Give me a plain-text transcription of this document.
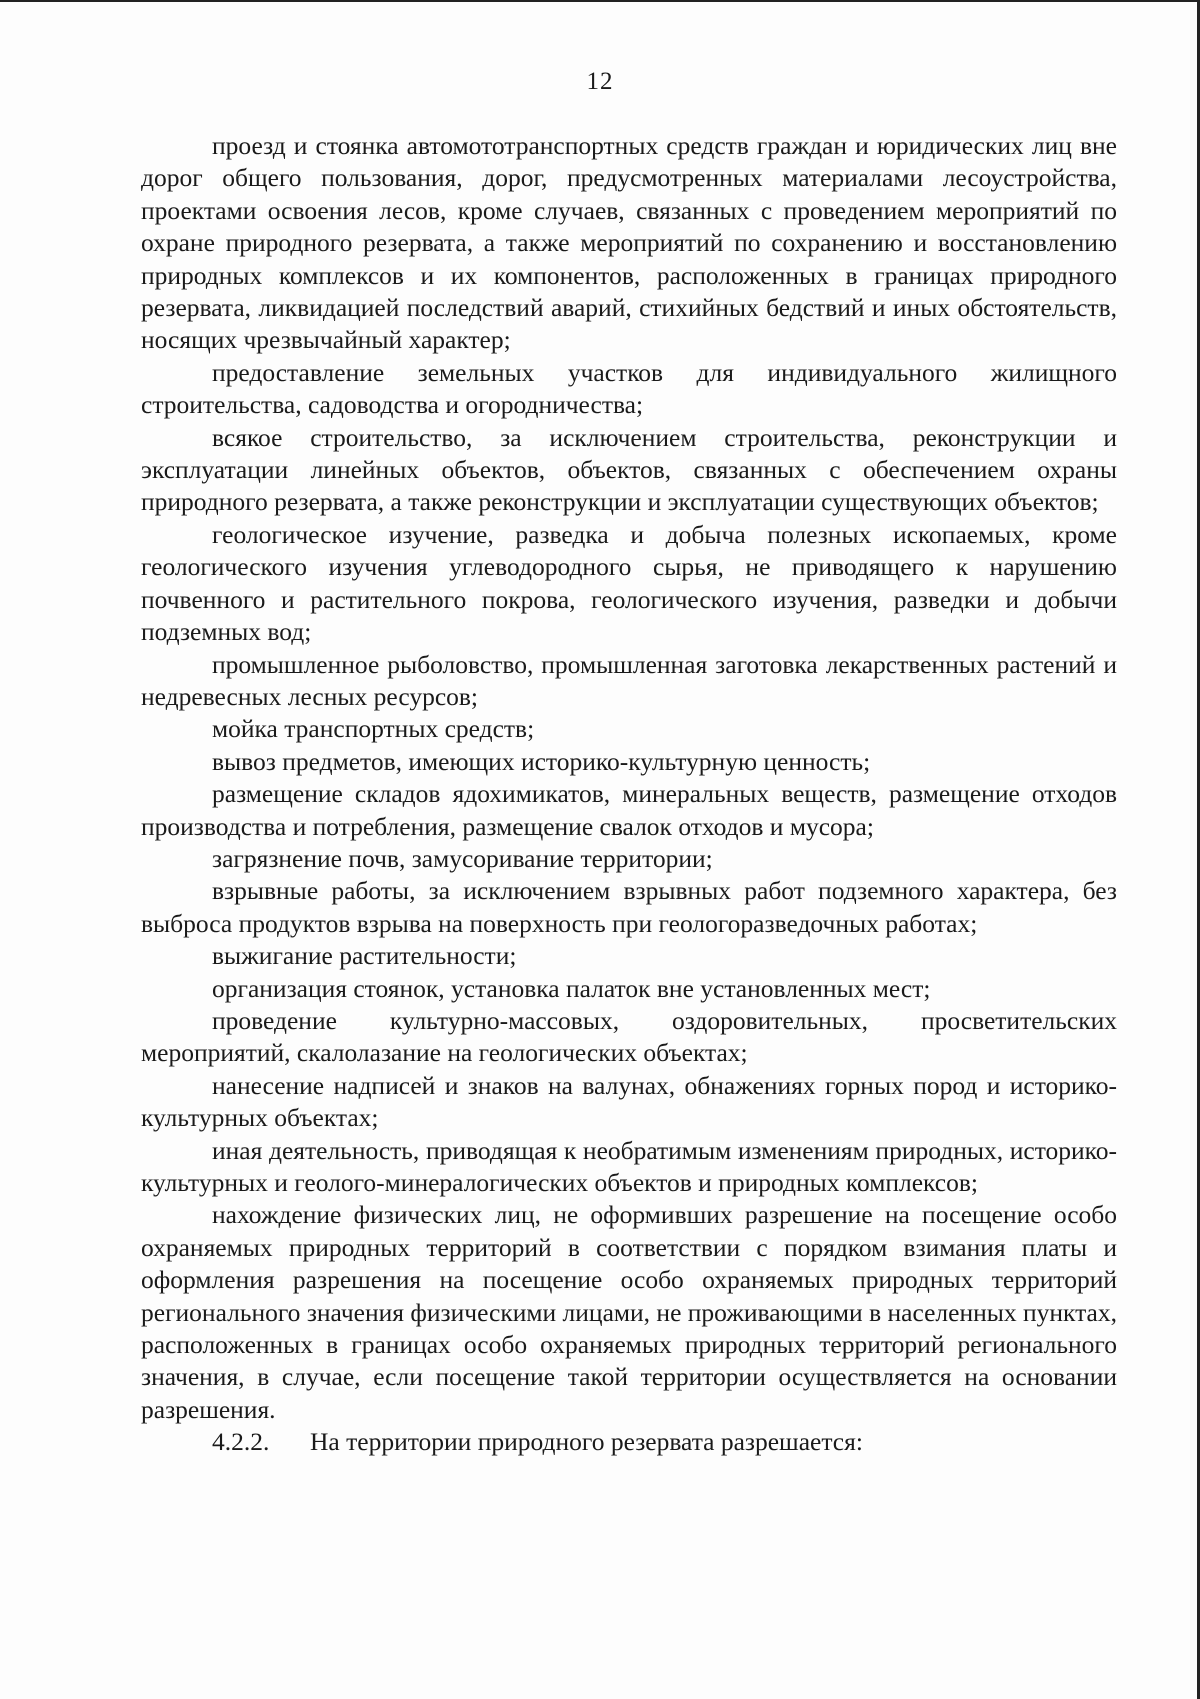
12

проезд и стоянка автомототранспортных средств граждан и юридических лиц вне дорог общего пользования, дорог, предусмотренных материалами лесоустройства, проектами освоения лесов, кроме случаев, связанных с проведением мероприятий по охране природного резервата, а также мероприятий по сохранению и восстановлению природных комплексов и их компонентов, расположенных в границах природного резервата, ликвидацией последствий аварий, стихийных бедствий и иных обстоятельств, носящих чрезвычайный характер;

предоставление земельных участков для индивидуального жилищного строительства, садоводства и огородничества;

всякое строительство, за исключением строительства, реконструкции и эксплуатации линейных объектов, объектов, связанных с обеспечением охраны природного резервата, а также реконструкции и эксплуатации существующих объектов;

геологическое изучение, разведка и добыча полезных ископаемых, кроме геологического изучения углеводородного сырья, не приводящего к нарушению почвенного и растительного покрова, геологического изучения, разведки и добычи подземных вод;

промышленное рыболовство, промышленная заготовка лекарственных растений и недревесных лесных ресурсов;

мойка транспортных средств;

вывоз предметов, имеющих историко-культурную ценность;

размещение складов ядохимикатов, минеральных веществ, размещение отходов производства и потребления, размещение свалок отходов и мусора;

загрязнение почв, замусоривание территории;

взрывные работы, за исключением взрывных работ подземного характера, без выброса продуктов взрыва на поверхность при геологоразведочных работах;

выжигание растительности;

организация стоянок, установка палаток вне установленных мест;

проведение культурно-массовых, оздоровительных, просветительских мероприятий, скалолазание на геологических объектах;

нанесение надписей и знаков на валунах, обнажениях горных пород и историко-культурных объектах;

иная деятельность, приводящая к необратимым изменениям природных, историко-культурных и геолого-минералогических объектов и природных комплексов;

нахождение физических лиц, не оформивших разрешение на посещение особо охраняемых природных территорий в соответствии с порядком взимания платы и оформления разрешения на посещение особо охраняемых природных территорий регионального значения физическими лицами, не проживающими в населенных пунктах, расположенных в границах особо охраняемых природных территорий регионального значения, в случае, если посещение такой территории осуществляется на основании разрешения.

4.2.2. На территории природного резервата разрешается:
